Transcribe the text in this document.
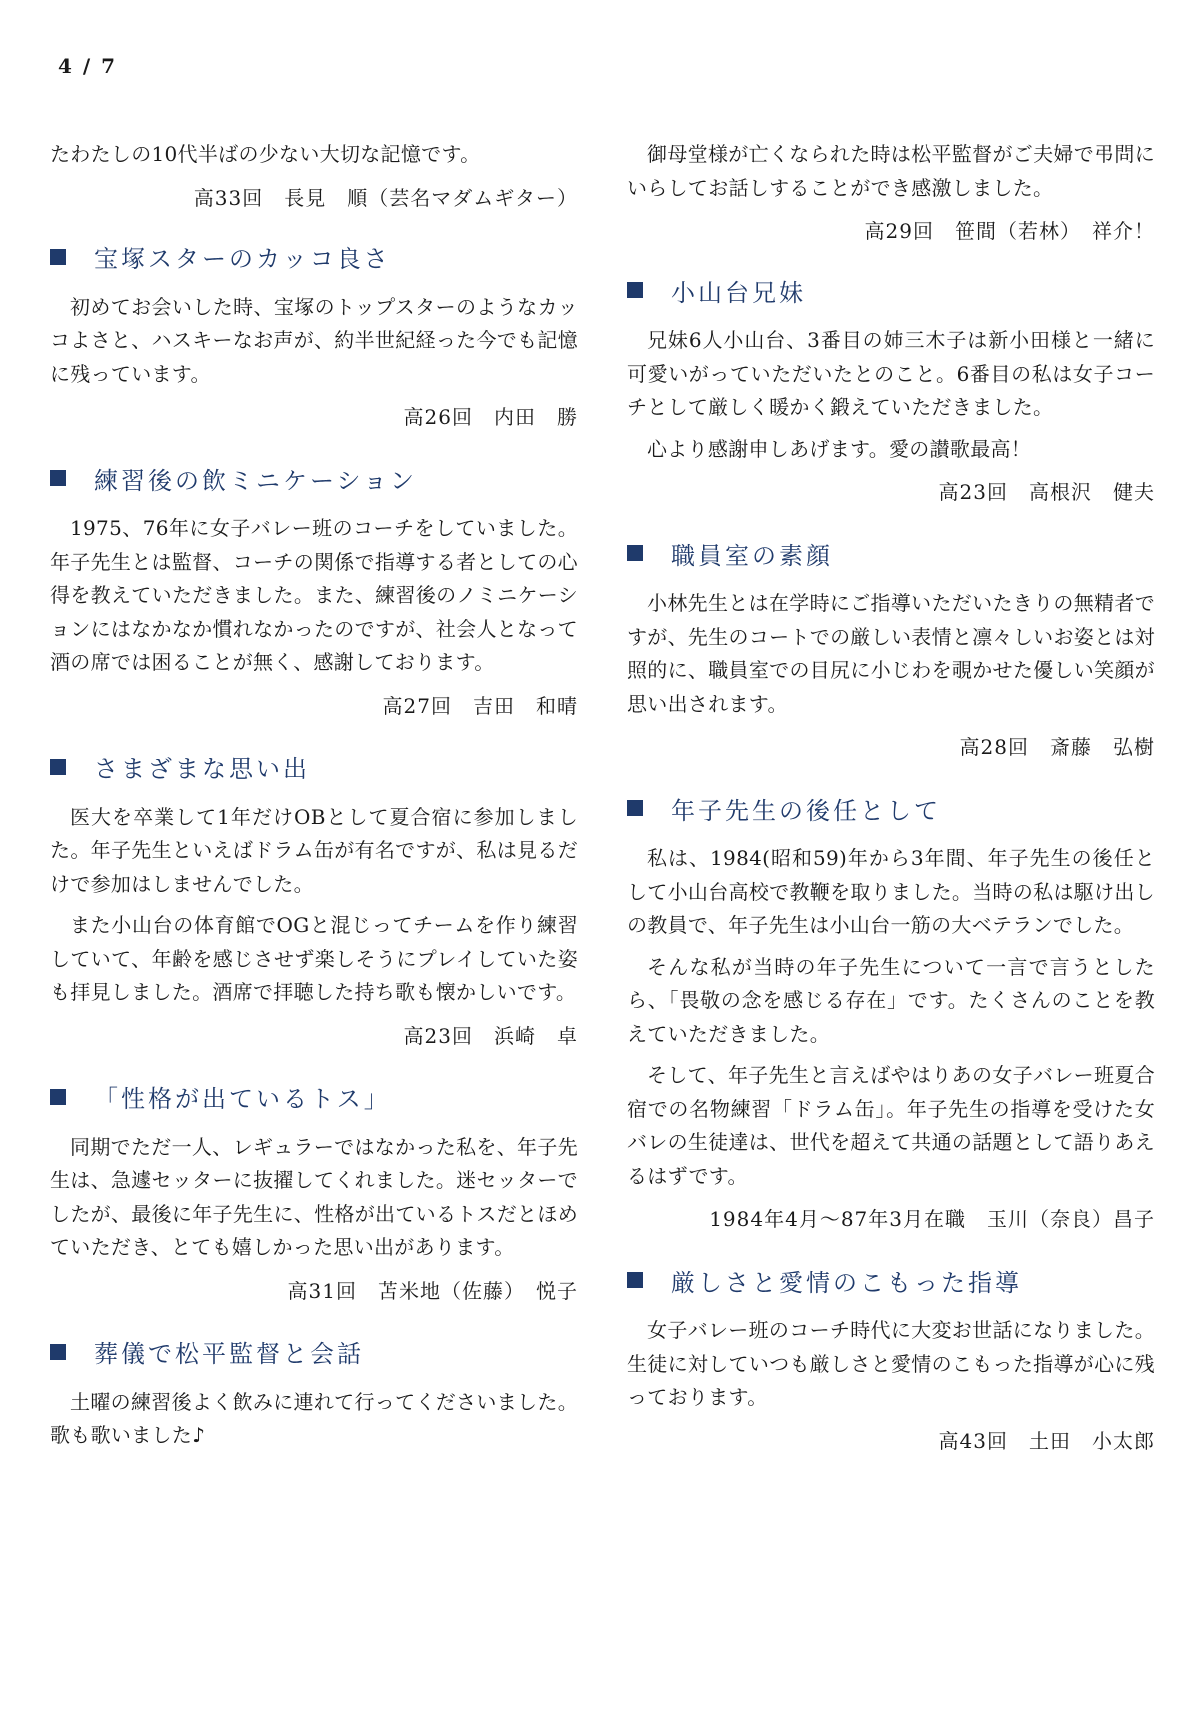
4 / 7

たわたしの10代半ばの少ない大切な記憶です。

高33回　長見　順（芸名マダムギター）
宝塚スターのカッコ良さ

初めてお会いした時、宝塚のトップスターのようなカッコよさと、ハスキーなお声が、約半世紀経った今でも記憶に残っています。

高26回　内田　勝
練習後の飲ミニケーション

1975、76年に女子バレー班のコーチをしていました。年子先生とは監督、コーチの関係で指導する者としての心得を教えていただきました。また、練習後のノミニケーションにはなかなか慣れなかったのですが、社会人となって酒の席では困ることが無く、感謝しております。

高27回　吉田　和晴
さまざまな思い出

医大を卒業して1年だけOBとして夏合宿に参加しました。年子先生といえばドラム缶が有名ですが、私は見るだけで参加はしませんでした。

また小山台の体育館でOGと混じってチームを作り練習していて、年齢を感じさせず楽しそうにプレイしていた姿も拝見しました。酒席で拝聴した持ち歌も懐かしいです。

高23回　浜崎　卓
「性格が出ているトス」

同期でただ一人、レギュラーではなかった私を、年子先生は、急遽セッターに抜擢してくれました。迷セッターでしたが、最後に年子先生に、性格が出ているトスだとほめていただき、とても嬉しかった思い出があります。

高31回　苫米地（佐藤）　悦子
葬儀で松平監督と会話

土曜の練習後よく飲みに連れて行ってくださいました。歌も歌いました♪

御母堂様が亡くなられた時は松平監督がご夫婦で弔問にいらしてお話しすることができ感激しました。

高29回　笹間（若林）　祥介！
小山台兄妹

兄妹6人小山台、3番目の姉三木子は新小田様と一緒に可愛いがっていただいたとのこと。6番目の私は女子コーチとして厳しく暖かく鍛えていただきました。

心より感謝申しあげます。愛の讃歌最高！

高23回　高根沢　健夫
職員室の素顔

小林先生とは在学時にご指導いただいたきりの無精者ですが、先生のコートでの厳しい表情と凛々しいお姿とは対照的に、職員室での目尻に小じわを覗かせた優しい笑顔が思い出されます。

高28回　斎藤　弘樹
年子先生の後任として

私は、1984(昭和59)年から3年間、年子先生の後任として小山台高校で教鞭を取りました。当時の私は駆け出しの教員で、年子先生は小山台一筋の大ベテランでした。

そんな私が当時の年子先生について一言で言うとしたら、「畏敬の念を感じる存在」です。たくさんのことを教えていただきました。

そして、年子先生と言えばやはりあの女子バレー班夏合宿での名物練習「ドラム缶」。年子先生の指導を受けた女バレの生徒達は、世代を超えて共通の話題として語りあえるはずです。

1984年4月～87年3月在職　玉川（奈良）昌子
厳しさと愛情のこもった指導

女子バレー班のコーチ時代に大変お世話になりました。生徒に対していつも厳しさと愛情のこもった指導が心に残っております。

高43回　土田　小太郎
